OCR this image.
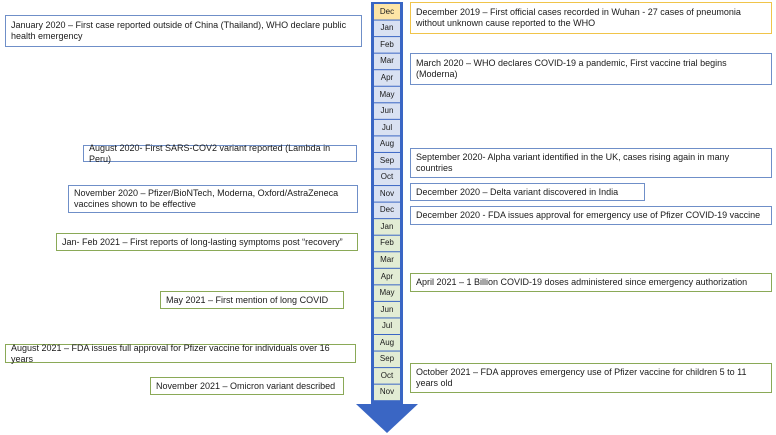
Dec
Jan
Feb
Mar
Apr
May
Jun
Jul
Aug
Sep
Oct
Nov
Dec
Jan
Feb
Mar
Apr
May
Jun
Jul
Aug
Sep
Oct
Nov
January 2020 – First case reported outside of China (Thailand), WHO declare public health emergency
August 2020- First SARS-COV2 variant reported (Lambda in Peru)
November 2020 – Pfizer/BioNTech, Moderna, Oxford/AstraZeneca vaccines shown to be effective
Jan- Feb 2021 – First reports of long-lasting symptoms post “recovery”
May 2021 – First mention of long COVID
August 2021 – FDA issues full approval for Pfizer vaccine for individuals over 16 years
November 2021 – Omicron variant described
December 2019 – First official cases recorded in Wuhan - 27 cases of pneumonia without unknown cause reported to the WHO
March 2020 – WHO declares COVID-19 a pandemic, First vaccine trial begins (Moderna)
September 2020- Alpha variant identified in the UK, cases rising again in many countries
December 2020 – Delta variant discovered in India
December 2020 - FDA issues approval for emergency use of Pfizer COVID-19 vaccine
April 2021 – 1 Billion COVID-19 doses administered since emergency authorization
October 2021 – FDA approves emergency use of Pfizer vaccine for children 5 to 11 years old
